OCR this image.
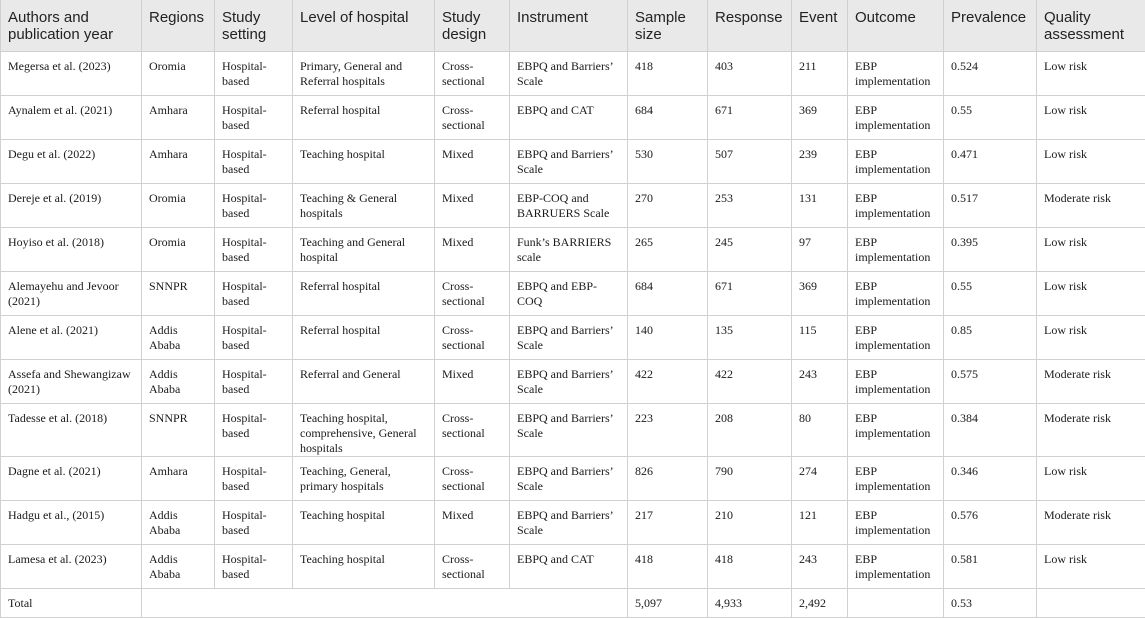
Authors and publication year	Regions	Study setting	Level of hospital	Study design	Instrument	Sample size	Response	Event	Outcome	Prevalence	Quality assessment
Megersa et al. (2023)	Oromia	Hospital-based	Primary, General and Referral hospitals	Cross-sectional	EBPQ and Barriers’ Scale	418	403	211	EBP implementation	0.524	Low risk
Aynalem et al. (2021)	Amhara	Hospital-based	Referral hospital	Cross-sectional	EBPQ and CAT	684	671	369	EBP implementation	0.55	Low risk
Degu et al. (2022)	Amhara	Hospital-based	Teaching hospital	Mixed	EBPQ and Barriers’ Scale	530	507	239	EBP implementation	0.471	Low risk
Dereje et al. (2019)	Oromia	Hospital-based	Teaching & General hospitals	Mixed	EBP-COQ and BARRUERS Scale	270	253	131	EBP implementation	0.517	Moderate risk
Hoyiso et al. (2018)	Oromia	Hospital-based	Teaching and General hospital	Mixed	Funk’s BARRIERS scale	265	245	97	EBP implementation	0.395	Low risk
Alemayehu and Jevoor (2021)	SNNPR	Hospital-based	Referral hospital	Cross-sectional	EBPQ and EBP-COQ	684	671	369	EBP implementation	0.55	Low risk
Alene et al. (2021)	Addis Ababa	Hospital-based	Referral hospital	Cross-sectional	EBPQ and Barriers’ Scale	140	135	115	EBP implementation	0.85	Low risk
Assefa and Shewangizaw (2021)	Addis Ababa	Hospital-based	Referral and General	Mixed	EBPQ and Barriers’ Scale	422	422	243	EBP implementation	0.575	Moderate risk
Tadesse et al. (2018)	SNNPR	Hospital-based	Teaching hospital, comprehensive, General hospitals	Cross-sectional	EBPQ and Barriers’ Scale	223	208	80	EBP implementation	0.384	Moderate risk
Dagne et al. (2021)	Amhara	Hospital-based	Teaching, General, primary hospitals	Cross-sectional	EBPQ and Barriers’ Scale	826	790	274	EBP implementation	0.346	Low risk
Hadgu et al., (2015)	Addis Ababa	Hospital-based	Teaching hospital	Mixed	EBPQ and Barriers’ Scale	217	210	121	EBP implementation	0.576	Moderate risk
Lamesa et al. (2023)	Addis Ababa	Hospital-based	Teaching hospital	Cross-sectional	EBPQ and CAT	418	418	243	EBP implementation	0.581	Low risk
Total						5,097	4,933	2,492		0.53	
